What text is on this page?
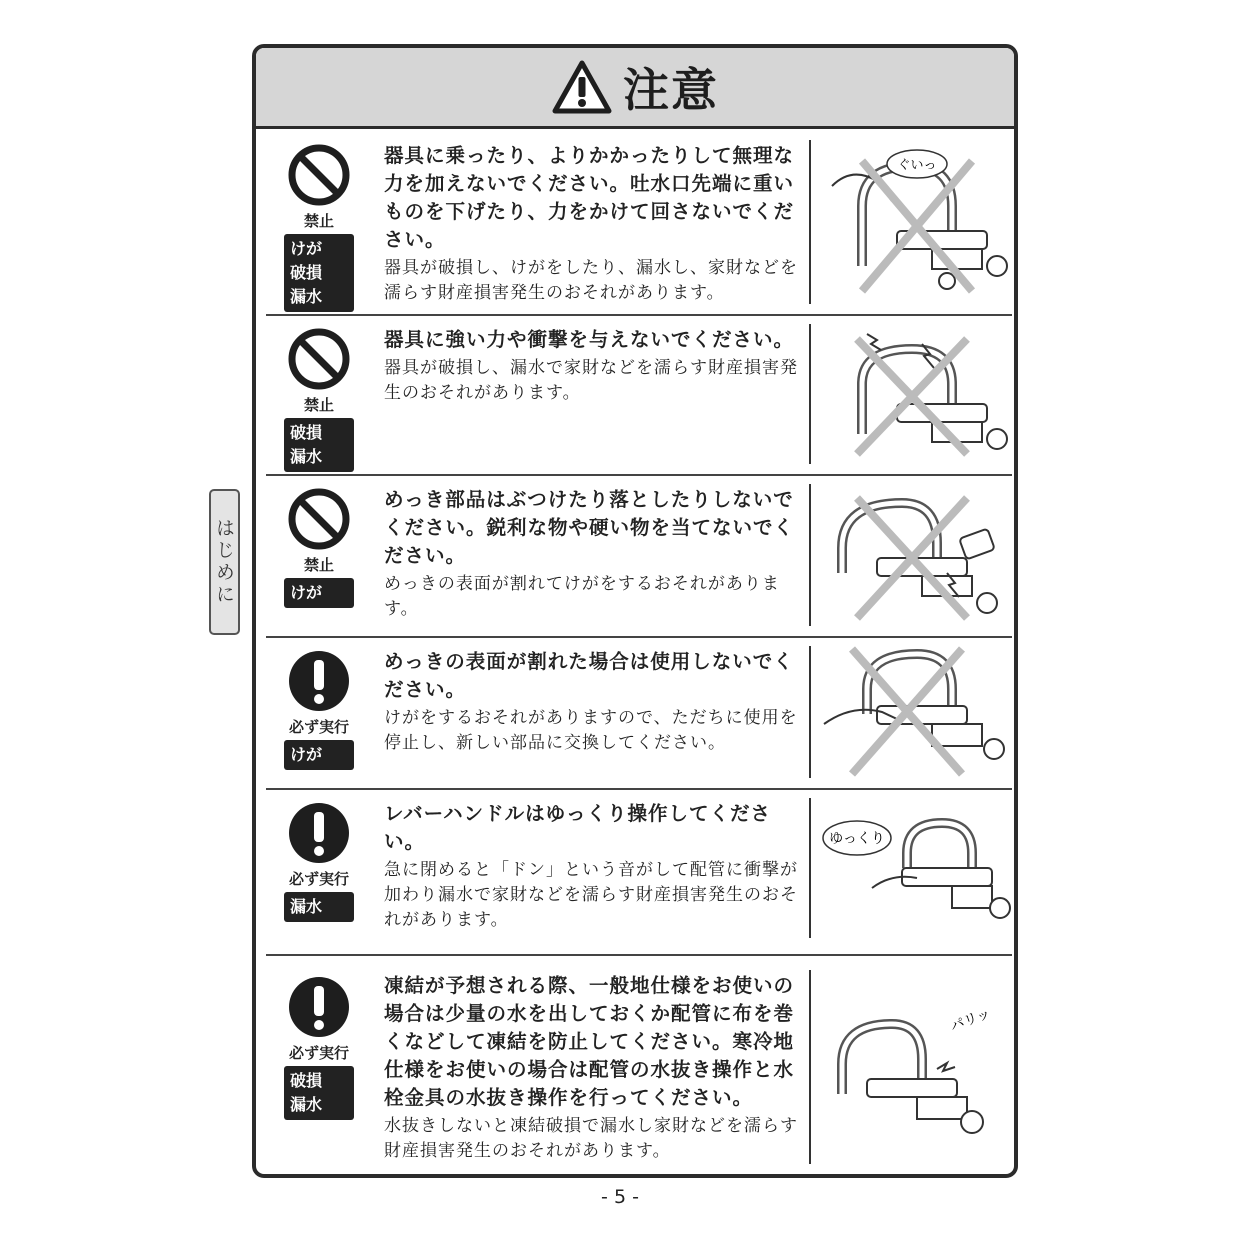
注意
禁止
けが
破損
漏水
器具に乗ったり、よりかかったりして無理な力を加えないでください。吐水口先端に重いものを下げたり、力をかけて回さないでください。
器具が破損し、けがをしたり、漏水し、家財などを濡らす財産損害発生のおそれがあります。
ぐいっ
禁止
破損
漏水
器具に強い力や衝撃を与えないでください。
器具が破損し、漏水で家財などを濡らす財産損害発生のおそれがあります。
禁止
けが
めっき部品はぶつけたり落としたりしないでください。鋭利な物や硬い物を当てないでください。
めっきの表面が割れてけがをするおそれがあります。
必ず実行
けが
めっきの表面が割れた場合は使用しないでください。
けがをするおそれがありますので、ただちに使用を停止し、新しい部品に交換してください。
必ず実行
漏水
レバーハンドルはゆっくり操作してください。
急に閉めると「ドン」という音がして配管に衝撃が加わり漏水で家財などを濡らす財産損害発生のおそれがあります。
ゆっくり
必ず実行
破損
漏水
凍結が予想される際、一般地仕様をお使いの場合は少量の水を出しておくか配管に布を巻くなどして凍結を防止してください。寒冷地仕様をお使いの場合は配管の水抜き操作と水栓金具の水抜き操作を行ってください。
水抜きしないと凍結破損で漏水し家財などを濡らす財産損害発生のおそれがあります。
パリッ
はじめに
- 5 -
